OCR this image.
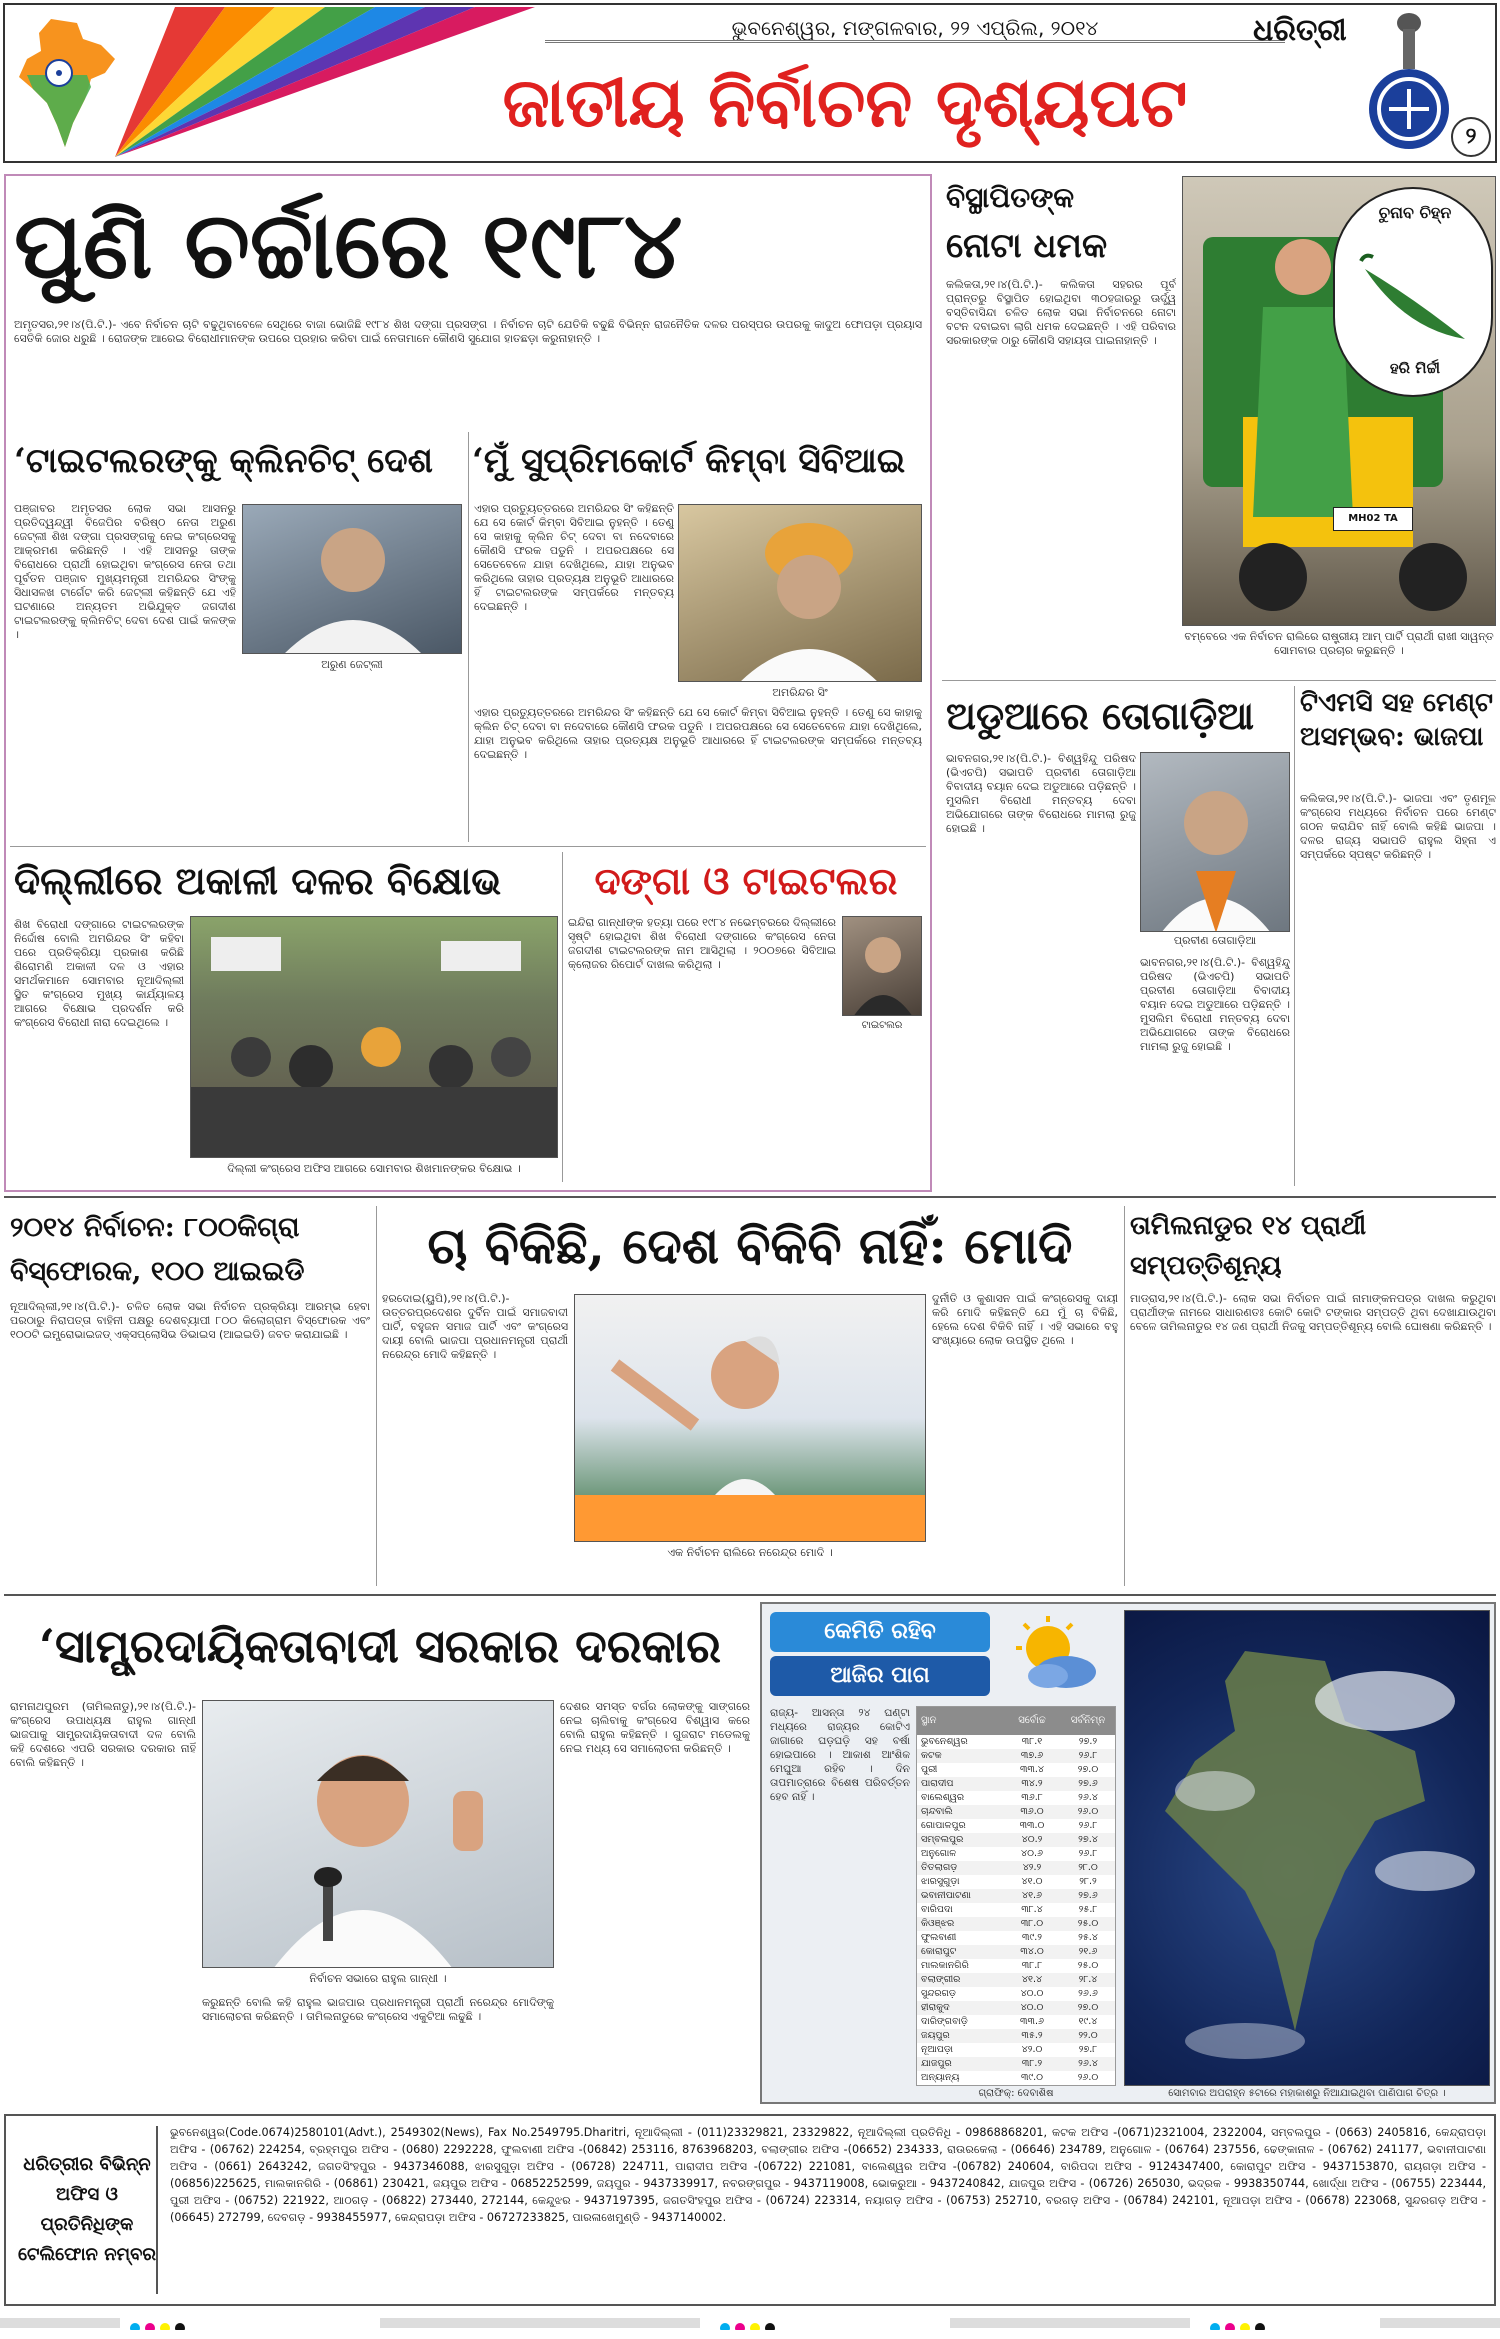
ଭୁବନେଶ୍ୱର, ମଙ୍ଗଳବାର, ୨୨ ଏପ୍ରିଲ, ୨୦୧୪
ଜାତୀୟ ନିର୍ବାଚନ ଦୃଶ୍ୟପଟ
ଧରିତ୍ରୀ
୨
ପୁଣି ଚର୍ଚ୍ଚାରେ ୧୯୮୪
ଅମୃତସର,୨୧।୪(ପି.ଟି.)- ଏବେ ନିର୍ବାଚନ ଚାଟି ବଢୁଥିବାବେଳେ ସେଥିରେ ବାଜା ଭୋଜିଛି ୧୯୮୪ ଶିଖ ଦଙ୍ଗା ପ୍ରସଙ୍ଗ । ନିର୍ବାଚନ ଚାଟି ଯେତିକି ବଢୁଛି ବିଭିନ୍ନ ରାଜନୈତିକ ଦଳର ପରସ୍ପର ଉପରକୁ କାଦୁଅ ଫୋପଡ଼ା ପ୍ରୟାସ ସେତିକି ଜୋର ଧରୁଛି । ରୋଜଙ୍କ ଆରେଇ ବିରୋଧୀମାନଙ୍କ ଉପରେ ପ୍ରହାର କରିବା ପାଇଁ ନେତାମାନେ କୌଣସି ସୁଯୋଗ ହାତଛଡ଼ା କରୁନାହାନ୍ତି ।
‘ଟାଇଟଲରଙ୍କୁ କ୍ଲିନଚିଟ୍ ଦେଶ	‘ମୁଁ ସୁପ୍ରିମକୋର୍ଟ କିମ୍ବା ସିବିଆଇ
ପଞ୍ଜାବର ଅମୃତସର ଲୋକ ସଭା ଆସନରୁ ପ୍ରତିଦ୍ୱନ୍ଦ୍ୱୀ ବିଜେପିର ବରିଷ୍ଠ ନେତା ଅରୁଣ ଜେଟ୍ଲୀ ଶିଖ ଦଙ୍ଗା ପ୍ରସଙ୍ଗକୁ ନେଇ କଂଗ୍ରେସକୁ ଆକ୍ରମଣ କରିଛନ୍ତି । ଏହି ଆସନରୁ ତାଙ୍କ ବିରୋଧରେ ପ୍ରାର୍ଥୀ ହୋଇଥିବା କଂଗ୍ରେସ ନେତା ତଥା ପୂର୍ବତନ ପଞ୍ଜାବ ମୁଖ୍ୟମନ୍ତ୍ରୀ ଅମରିନ୍ଦର ସିଂଙ୍କୁ ସିଧାସଳଖ ଟାର୍ଗେଟ କରି ଜେଟ୍ଲୀ କହିଛନ୍ତି ଯେ ଏହି ଘଟଣାରେ ଅନ୍ୟତମ ଅଭିଯୁକ୍ତ ଜଗଦୀଶ ଟାଇଟଲରଙ୍କୁ କ୍ଲିନଚିଟ୍ ଦେବା ଦେଶ ପାଇଁ କଳଙ୍କ ।
ଅରୁଣ ଜେଟ୍ଲୀ
ଏହାର ପ୍ରତ୍ୟୁତ୍ତରରେ ଅମରିନ୍ଦର ସିଂ କହିଛନ୍ତି ଯେ ସେ କୋର୍ଟ କିମ୍ବା ସିବିଆଇ ନୁହନ୍ତି । ତେଣୁ ସେ କାହାକୁ କ୍ଲିନ ଚିଟ୍ ଦେବା ବା ନଦେବାରେ କୌଣସି ଫରକ ପଡୁନି । ଅପରପକ୍ଷରେ ସେ ସେତେବେଳେ ଯାହା ଦେଖିଥିଲେ, ଯାହା ଅନୁଭବ କରିଥିଲେ ତାହାର ପ୍ରତ୍ୟକ୍ଷ ଅନୁଭୂତି ଆଧାରରେ ହିଁ ଟାଇଟଲରଙ୍କ ସମ୍ପର୍କରେ ମନ୍ତବ୍ୟ ଦେଇଛନ୍ତି ।
ଅମରିନ୍ଦର ସିଂ
ଏହାର ପ୍ରତ୍ୟୁତ୍ତରରେ ଅମରିନ୍ଦର ସିଂ କହିଛନ୍ତି ଯେ ସେ କୋର୍ଟ କିମ୍ବା ସିବିଆଇ ନୁହନ୍ତି । ତେଣୁ ସେ କାହାକୁ କ୍ଲିନ ଚିଟ୍ ଦେବା ବା ନଦେବାରେ କୌଣସି ଫରକ ପଡୁନି । ଅପରପକ୍ଷରେ ସେ ସେତେବେଳେ ଯାହା ଦେଖିଥିଲେ, ଯାହା ଅନୁଭବ କରିଥିଲେ ତାହାର ପ୍ରତ୍ୟକ୍ଷ ଅନୁଭୂତି ଆଧାରରେ ହିଁ ଟାଇଟଲରଙ୍କ ସମ୍ପର୍କରେ ମନ୍ତବ୍ୟ ଦେଇଛନ୍ତି ।
ଦିଲ୍ଲୀରେ ଅକାଳୀ ଦଳର ବିକ୍ଷୋଭ
ଶିଖ ବିରୋଧୀ ଦଙ୍ଗାରେ ଟାଇଟଲରଙ୍କ ନିର୍ଦ୍ଦୋଷ ବୋଲି ଅମରିନ୍ଦର ସିଂ କହିବା ପରେ ପ୍ରତିକ୍ରିୟା ପ୍ରକାଶ କରିଛି ଶିରୋମଣି ଅକାଳୀ ଦଳ ଓ ଏହାର ସମର୍ଥକମାନେ ସୋମବାର ନୂଆଦିଲ୍ଲୀ ସ୍ଥିତ କଂଗ୍ରେସ ମୁଖ୍ୟ କାର୍ଯ୍ୟାଳୟ ଆଗରେ ବିକ୍ଷୋଭ ପ୍ରଦର୍ଶନ କରି କଂଗ୍ରେସ ବିରୋଧୀ ନାରା ଦେଇଥିଲେ ।
ଦିଲ୍ଲୀ କଂଗ୍ରେସ ଅଫିସ ଆଗରେ ସୋମବାର ଶିଖମାନଙ୍କର ବିକ୍ଷୋଭ ।
ଦଙ୍ଗା ଓ ଟାଇଟଲର
ଇନ୍ଦିରା ଗାନ୍ଧୀଙ୍କ ହତ୍ୟା ପରେ ୧୯୮୪ ନଭେମ୍ବରରେ ଦିଲ୍ଲୀରେ ସୃଷ୍ଟି ହୋଇଥିବା ଶିଖ ବିରୋଧୀ ଦଙ୍ଗାରେ କଂଗ୍ରେସ ନେତା ଜଗଦୀଶ ଟାଇଟଲରଙ୍କ ନାମ ଆସିଥିଲା । ୨୦୦୭ରେ ସିବିଆଇ କ୍ଲୋଜର ରିପୋର୍ଟ ଦାଖଲ କରିଥିଲା ।
ଟାଇଟଲର
ବିସ୍ଥାପିତଙ୍କ
ନୋଟା ଧମକ
କଲିକତା,୨୧।୪(ପି.ଟି.)- କଲିକତା ସହରର ପୂର୍ବ ପ୍ରାନ୍ତରୁ ବିସ୍ଥାପିତ ହୋଇଥିବା ୩୦ହଜାରରୁ ଊର୍ଦ୍ଧ୍ୱ ବସ୍ତିବାସିନ୍ଦା ଚଳିତ ଲୋକ ସଭା ନିର୍ବାଚନରେ ନୋଟା ବଟନ ଦବାଇବା ଲାଗି ଧମକ ଦେଇଛନ୍ତି । ଏହି ପରିବାର ସରକାରଙ୍କ ଠାରୁ କୌଣସି ସହାୟତା ପାଇନାହାନ୍ତି ।
ଚୁନାବ ଚିହ୍ନ
ହରି ମିର୍ଚ୍ଚୀ
MH02 TA
ବମ୍ବେରେ ଏକ ନିର୍ବାଚନ ରାଲିରେ ରାଷ୍ଟ୍ରୀୟ ଆମ୍ ପାର୍ଟି ପ୍ରାର୍ଥୀ ରାଖୀ ସାୱନ୍ତ ସୋମବାର ପ୍ରଚାର କରୁଛନ୍ତି ।
ଅଡୁଆରେ ତୋଗାଡ଼ିଆ
ଭାବନଗର,୨୧।୪(ପି.ଟି.)- ବିଶ୍ୱହିନ୍ଦୁ ପରିଷଦ (ଭିଏଚପି) ସଭାପତି ପ୍ରବୀଣ ତୋଗାଡ଼ିଆ ବିବାଦୀୟ ବୟାନ ଦେଇ ଅଡୁଆରେ ପଡ଼ିଛନ୍ତି । ମୁସଲିମ ବିରୋଧୀ ମନ୍ତବ୍ୟ ଦେବା ଅଭିଯୋଗରେ ତାଙ୍କ ବିରୋଧରେ ମାମଲା ରୁଜୁ ହୋଇଛି ।
ପ୍ରବୀଣ ତୋଗାଡ଼ିଆ
ଭାବନଗର,୨୧।୪(ପି.ଟି.)- ବିଶ୍ୱହିନ୍ଦୁ ପରିଷଦ (ଭିଏଚପି) ସଭାପତି ପ୍ରବୀଣ ତୋଗାଡ଼ିଆ ବିବାଦୀୟ ବୟାନ ଦେଇ ଅଡୁଆରେ ପଡ଼ିଛନ୍ତି । ମୁସଲିମ ବିରୋଧୀ ମନ୍ତବ୍ୟ ଦେବା ଅଭିଯୋଗରେ ତାଙ୍କ ବିରୋଧରେ ମାମଲା ରୁଜୁ ହୋଇଛି ।
ଟିଏମସି ସହ ମେଣ୍ଟ ଅସମ୍ଭବ: ଭାଜପା
କଲିକତା,୨୧।୪(ପି.ଟି.)- ଭାଜପା ଏବଂ ତୃଣମୂଳ କଂଗ୍ରେସ ମଧ୍ୟରେ ନିର୍ବାଚନ ପରେ ମେଣ୍ଟ ଗଠନ କରାଯିବ ନାହିଁ ବୋଲି କହିଛି ଭାଜପା । ଦଳର ରାଜ୍ୟ ସଭାପତି ରାହୁଲ ସିହ୍ନା ଏ ସମ୍ପର୍କରେ ସ୍ପଷ୍ଟ କରିଛନ୍ତି ।
୨୦୧୪ ନିର୍ବାଚନ: ୮୦୦କିଗ୍ରା ବିସ୍ଫୋରକ, ୧୦୦ ଆଇଇଡି
ନୂଆଦିଲ୍ଲୀ,୨୧।୪(ପି.ଟି.)- ଚଳିତ ଲୋକ ସଭା ନିର୍ବାଚନ ପ୍ରକ୍ରିୟା ଆରମ୍ଭ ହେବା ପରଠାରୁ ନିରାପତ୍ତା ବାହିନୀ ପକ୍ଷରୁ ଦେଶବ୍ୟାପୀ ୮୦୦ କିଲୋଗ୍ରାମ ବିସ୍ଫୋରକ ଏବଂ ୧୦୦ଟି ଇମ୍ପ୍ରୋଭାଇଜଡ୍ ଏକ୍ସପ୍ଲୋସିଭ ଡିଭାଇସ (ଆଇଇଡି) ଜବତ କରାଯାଇଛି ।
ଚା ବିକିଛି, ଦେଶ ବିକିବି ନାହିଁ: ମୋଦି
ହରଦୋଇ(ୟୁପି),୨୧।୪(ପି.ଟି.)- ଉତ୍ତରପ୍ରଦେଶର ଦୁର୍ବିନ ପାଇଁ ସମାଜବାଦୀ ପାର୍ଟି, ବହୁଜନ ସମାଜ ପାର୍ଟି ଏବଂ କଂଗ୍ରେସ ଦାୟୀ ବୋଲି ଭାଜପା ପ୍ରଧାନମନ୍ତ୍ରୀ ପ୍ରାର୍ଥୀ ନରେନ୍ଦ୍ର ମୋଦି କହିଛନ୍ତି ।
ଏକ ନିର୍ବାଚନ ରାଲିରେ ନରେନ୍ଦ୍ର ମୋଦି ।
ଦୁର୍ନୀତି ଓ କୁଶାସନ ପାଇଁ କଂଗ୍ରେସକୁ ଦାୟୀ କରି ମୋଦି କହିଛନ୍ତି ଯେ ମୁଁ ଚା ବିକିଛି, ହେଲେ ଦେଶ ବିକିବି ନାହିଁ । ଏହି ସଭାରେ ବହୁ ସଂଖ୍ୟାରେ ଲୋକ ଉପସ୍ଥିତ ଥିଲେ ।
ତାମିଲନାଡୁର ୧୪ ପ୍ରାର୍ଥୀ ସମ୍ପତ୍ତିଶୂନ୍ୟ
ମାଡ୍ରାସ,୨୧।୪(ପି.ଟି.)- ଲୋକ ସଭା ନିର୍ବାଚନ ପାଇଁ ନାମାଙ୍କନପତ୍ର ଦାଖଲ କରୁଥିବା ପ୍ରାର୍ଥୀଙ୍କ ନାମରେ ସାଧାରଣତଃ କୋଟି କୋଟି ଟଙ୍କାର ସମ୍ପତ୍ତି ଥିବା ଦେଖାଯାଉଥିବା ବେଳେ ତାମିଲନାଡୁର ୧୪ ଜଣ ପ୍ରାର୍ଥୀ ନିଜକୁ ସମ୍ପତ୍ତିଶୂନ୍ୟ ବୋଲି ଘୋଷଣା କରିଛନ୍ତି ।
‘ସାମ୍ପ୍ରଦାୟିକତାବାଦୀ ସରକାର ଦରକାର
ରାମନାଥପୁରମ (ତାମିଲନାଡୁ),୨୧।୪(ପି.ଟି.)- କଂଗ୍ରେସ ଉପାଧ୍ୟକ୍ଷ ରାହୁଲ ଗାନ୍ଧୀ ଭାଜପାକୁ ସାମ୍ପ୍ରଦାୟିକତାବାଦୀ ଦଳ ବୋଲି କହି ଦେଶରେ ଏପରି ସରକାର ଦରକାର ନାହିଁ ବୋଲି କହିଛନ୍ତି ।
ନିର୍ବାଚନ ସଭାରେ ରାହୁଲ ଗାନ୍ଧୀ ।
କରୁଛନ୍ତି ବୋଲି କହି ରାହୁଲ ଭାଜପାର ପ୍ରଧାନମନ୍ତ୍ରୀ ପ୍ରାର୍ଥୀ ନରେନ୍ଦ୍ର ମୋଦିଙ୍କୁ ସମାଲୋଚନା କରିଛନ୍ତି । ତାମିଲନାଡୁରେ କଂଗ୍ରେସ ଏକୁଟିଆ ଲଢୁଛି ।
ଦେଶର ସମସ୍ତ ବର୍ଗର ଲୋକଙ୍କୁ ସାଙ୍ଗରେ ନେଇ ଚାଲିବାକୁ କଂଗ୍ରେସ ବିଶ୍ୱାସ କରେ ବୋଲି ରାହୁଲ କହିଛନ୍ତି । ଗୁଜରାଟ ମଡେଲକୁ ନେଇ ମଧ୍ୟ ସେ ସମାଲୋଚନା କରିଛନ୍ତି ।
କେମିତି ରହିବ
ଆଜିର ପାଗ
ରାଜ୍ୟ- ଆସନ୍ତା ୨୪ ଘଣ୍ଟା ମଧ୍ୟରେ ରାଜ୍ୟର କୋଟିଏ ଜାଗାରେ ଘଡ଼ଘଡ଼ି ସହ ବର୍ଷା ହୋଇପାରେ । ଆକାଶ ଆଂଶିକ ମେଘୁଆ ରହିବ । ଦିନ ତାପମାତ୍ରାରେ ବିଶେଷ ପରିବର୍ତ୍ତନ ହେବ ନାହିଁ ।
ସ୍ଥାନ	ସର୍ବୋଚ୍ଚ	ସର୍ବନିମ୍ନ
ଭୁବନେଶ୍ୱର	୩୮.୧	୨୭.୨
କଟକ	୩୭.୬	୨୬.୮
ପୁରୀ	୩୩.୪	୨୭.୦
ପାରାଦୀପ	୩୪.୨	୨୭.୬
ବାଲେଶ୍ୱର	୩୬.୮	୨୬.୪
ଚାନ୍ଦବାଲି	୩୬.୦	୨୬.୦
ଗୋପାଳପୁର	୩୩.୦	୨୬.୮
ସମ୍ବଲପୁର	୪୦.୨	୨୭.୪
ଅନୁଗୋଳ	୪୦.୬	୨୬.୮
ତିତଲାଗଡ଼	୪୨.୨	୨୮.୦
ଝାରସୁଗୁଡ଼ା	୪୧.୦	୨୮.୨
ଭବାନୀପାଟଣା	୪୧.୬	୨୭.୬
ବାରିପଦା	୩୮.୪	୨୫.୮
କିଓଞ୍ଝର	୩୮.୦	୨୫.୦
ଫୁଲବାଣୀ	୩୯.୨	୨୫.୪
କୋରାପୁଟ	୩୪.୦	୨୧.୬
ମାଲକାନଗିରି	୩୮.୮	୨୫.୦
ବଲାଙ୍ଗୀର	୪୧.୪	୨୮.୪
ସୁନ୍ଦରଗଡ଼	୪୦.୦	୨୬.୬
ହୀରାକୁଦ	୪୦.୦	୨୭.୦
ଦାରିଙ୍ଗବାଡ଼ି	୩୩.୬	୧୯.୪
ଜୟପୁର	୩୫.୨	୨୨.୦
ନୂଆପଡ଼ା	୪୨.୦	୨୭.୮
ଯାଜପୁର	୩୮.୨	୨୬.୪
ଅନ୍ୟାନ୍ୟ	୩୯.୦	୨୬.୦
ଗ୍ରାଫିକ୍: ଦେବାଶିଷ	ସୋମବାର ଅପରାହ୍ନ ୫ଟାରେ ମହାକାଶରୁ ନିଆଯାଇଥିବା ପାଣିପାଗ ଚିତ୍ର ।
ଧରିତ୍ରୀର ବିଭିନ୍ନ ଅଫିସ ଓ ପ୍ରତିନିଧିଙ୍କ ଟେଲିଫୋନ ନମ୍ବର
ଭୁବନେଶ୍ୱର(Code.0674)2580101(Advt.), 2549302(News), Fax No.2549795.Dharitri, ନୂଆଦିଲ୍ଲୀ - (011)23329821, 23329822, ନୂଆଦିଲ୍ଲୀ ପ୍ରତିନିଧି - 09868868201, କଟକ ଅଫିସ -(0671)2321004, 2322004, ସମ୍ବଲପୁର - (0663) 2405816, କେନ୍ଦ୍ରାପଡ଼ା ଅଫିସ - (06762) 224254, ବ୍ରହ୍ମପୁର ଅଫିସ - (0680) 2292228, ଫୁଲବାଣୀ ଅଫିସ -(06842) 253116, 8763968203, ବଲାଙ୍ଗୀର ଅଫିସ -(06652) 234333, ରାଉରକେଲା - (06646) 234789, ଅନୁଗୋଳ - (06764) 237556, ଢେଙ୍କାନାଳ - (06762) 241177, ଭବାନୀପାଟଣା ଅଫିସ - (0661) 2643242, ଜଗତସିଂହପୁର - 9437346088, ଝାରସୁଗୁଡ଼ା ଅଫିସ - (06728) 224711, ପାରାଦୀପ ଅଫିସ -(06722) 221081, ବାଲେଶ୍ୱର ଅଫିସ -(06782) 240604, ବାରିପଦା ଅଫିସ - 9124347400, କୋରାପୁଟ ଅଫିସ - 9437153870, ରାୟଗଡ଼ା ଅଫିସ - (06856)225625, ମାଲକାନଗିରି - (06861) 230421, ଜୟପୁର ଅଫିସ - 06852252599, ଜୟପୁର - 9437339917, ନବରଙ୍ଗପୁର - 9437119008, ଭୋକରୁଆ - 9437240842, ଯାଜପୁର ଅଫିସ - (06726) 265030, ଭଦ୍ରକ - 9938350744, ଖୋର୍ଦ୍ଧା ଅଫିସ - (06755) 223444, ପୁରୀ ଅଫିସ - (06752) 221922, ଆଠଗଡ଼ - (06822) 273440, 272144, କେନ୍ଦୁଝର - 9437197395, ଜଗତସିଂହପୁର ଅଫିସ - (06724) 223314, ନୟାଗଡ଼ ଅଫିସ - (06753) 252710, ବରଗଡ଼ ଅଫିସ - (06784) 242101, ନୂଆପଡ଼ା ଅଫିସ - (06678) 223068, ସୁନ୍ଦରଗଡ଼ ଅଫିସ - (06645) 272799, ଦେବଗଡ଼ - 9938455977, କେନ୍ଦ୍ରାପଡ଼ା ଅଫିସ - 06727233825, ପାରଳାଖେମୁଣ୍ଡି - 9437140002.
